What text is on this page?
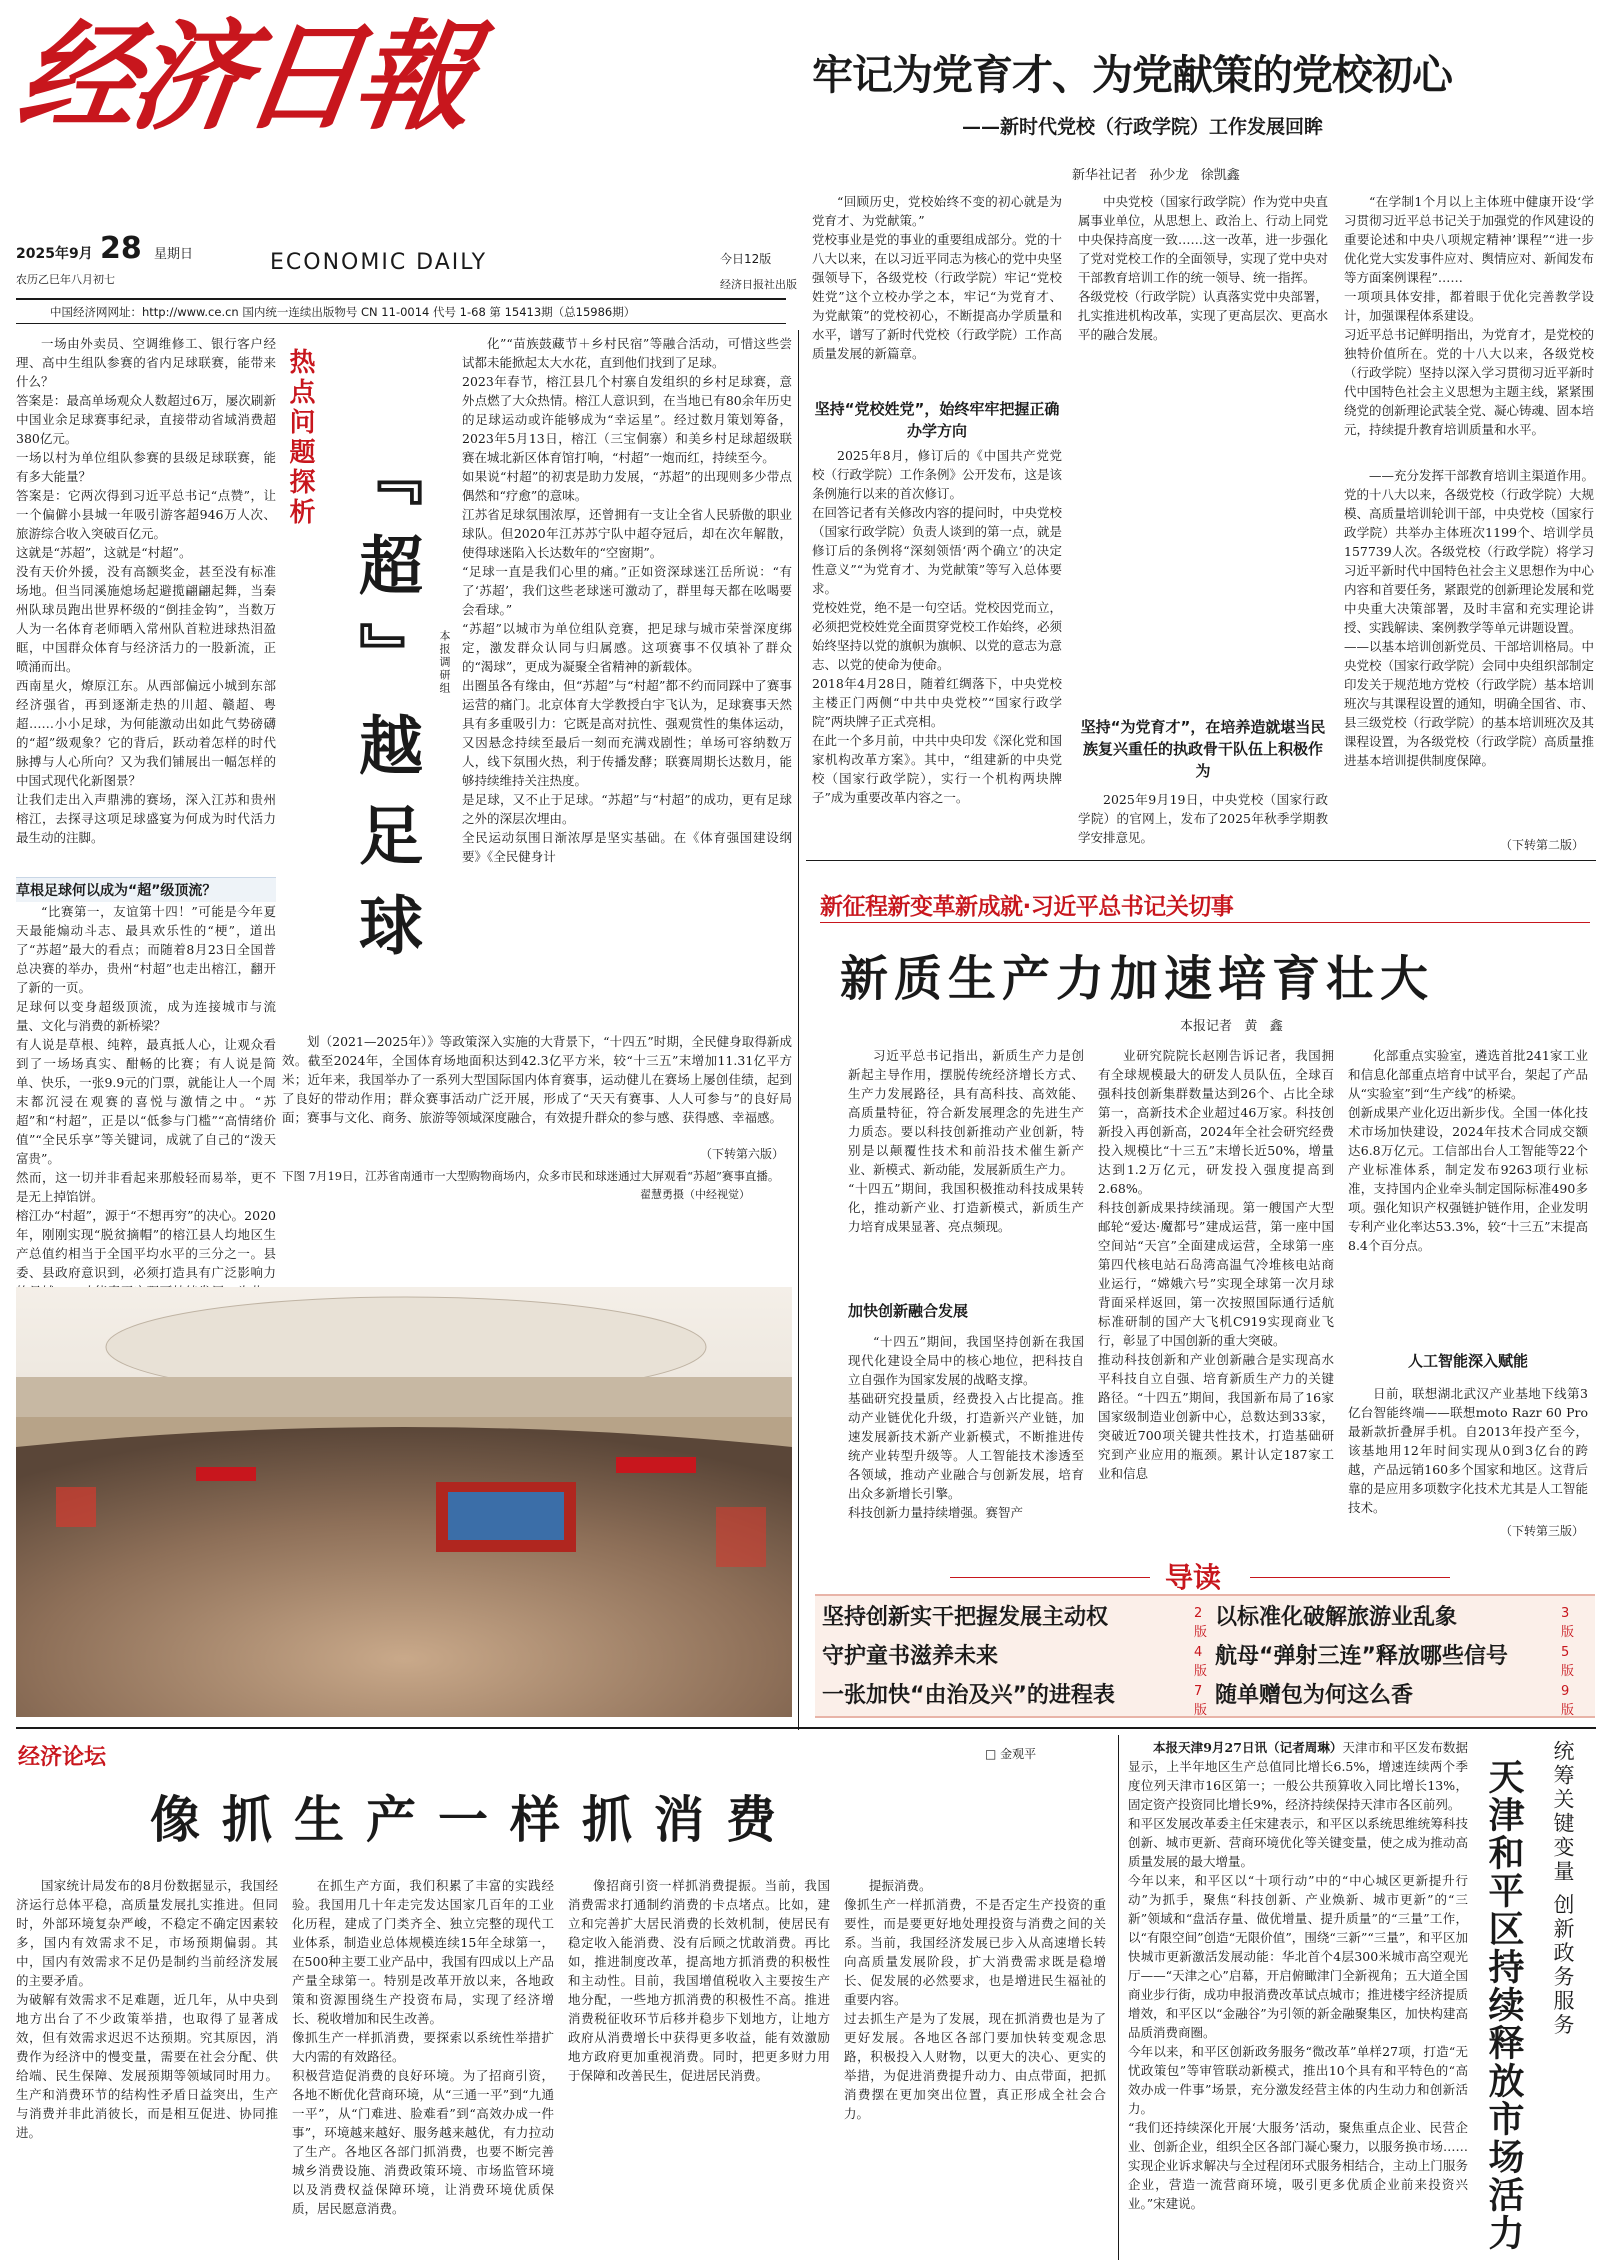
经济日報
2025年9月 28 星期日
农历乙巳年八月初七
ECONOMIC DAILY	今日12版
经济日报社出版
中国经济网网址：http://www.ce.cn 国内统一连续出版物号 CN 11-0014 代号 1-68 第 15413期（总15986期）
牢记为党育才、为党献策的党校初心
——新时代党校（行政学院）工作发展回眸
新华社记者   孙少龙   徐凯鑫
“回顾历史，党校始终不变的初心就是为党育才、为党献策。”
党校事业是党的事业的重要组成部分。党的十八大以来，在以习近平同志为核心的党中央坚强领导下，各级党校（行政学院）牢记“党校姓党”这个立校办学之本，牢记“为党育才、为党献策”的党校初心，不断提高办学质量和水平，谱写了新时代党校（行政学院）工作高质量发展的新篇章。
坚持“党校姓党”，始终牢牢把握正确办学方向
2025年8月，修订后的《中国共产党党校（行政学院）工作条例》公开发布，这是该条例施行以来的首次修订。
在回答记者有关修改内容的提问时，中央党校（国家行政学院）负责人谈到的第一点，就是修订后的条例将“深刻领悟‘两个确立’的决定性意义”“为党育才、为党献策”等写入总体要求。
党校姓党，绝不是一句空话。党校因党而立，必须把党校姓党全面贯穿党校工作始终，必须始终坚持以党的旗帜为旗帜、以党的意志为意志、以党的使命为使命。
2018年4月28日，随着红绸落下，中央党校主楼正门两侧“中共中央党校”“国家行政学院”两块牌子正式亮相。
在此一个多月前，中共中央印发《深化党和国家机构改革方案》。其中，“组建新的中央党校（国家行政学院），实行一个机构两块牌子”成为重要改革内容之一。
中央党校（国家行政学院）作为党中央直属事业单位，从思想上、政治上、行动上同党中央保持高度一致……这一改革，进一步强化了党对党校工作的全面领导，实现了党中央对干部教育培训工作的统一领导、统一指挥。
各级党校（行政学院）认真落实党中央部署，扎实推进机构改革，实现了更高层次、更高水平的融合发展。
坚持“为党育才”，在培养造就堪当民族复兴重任的执政骨干队伍上积极作为
2025年9月19日，中央党校（国家行政学院）的官网上，发布了2025年秋季学期教学安排意见。
“在学制1个月以上主体班中健康开设‘学习贯彻习近平总书记关于加强党的作风建设的重要论述和中央八项规定精神’课程”“进一步优化党大实发事件应对、舆情应对、新闻发布等方面案例课程”……
一项项具体安排，都着眼于优化完善教学设计，加强课程体系建设。
习近平总书记鲜明指出，为党育才，是党校的独特价值所在。党的十八大以来，各级党校（行政学院）坚持以深入学习贯彻习近平新时代中国特色社会主义思想为主题主线，紧紧围绕党的创新理论武装全党、凝心铸魂、固本培元，持续提升教育培训质量和水平。
——充分发挥干部教育培训主渠道作用。党的十八大以来，各级党校（行政学院）大规模、高质量培训轮训干部，中央党校（国家行政学院）共举办主体班次1199个、培训学员157739人次。各级党校（行政学院）将学习习近平新时代中国特色社会主义思想作为中心内容和首要任务，紧跟党的创新理论发展和党中央重大决策部署，及时丰富和充实理论讲授、实践解读、案例教学等单元讲题设置。
——以基本培训创新党员、干部培训格局。中央党校（国家行政学院）会同中央组织部制定印发关于规范地方党校（行政学院）基本培训班次与其课程设置的通知，明确全国省、市、县三级党校（行政学院）的基本培训班次及其课程设置，为各级党校（行政学院）高质量推进基本培训提供制度保障。
（下转第二版）
一场由外卖员、空调维修工、银行客户经理、高中生组队参赛的省内足球联赛，能带来什么？
答案是：最高单场观众人数超过6万，屡次刷新中国业余足球赛事纪录，直接带动省域消费超380亿元。
一场以村为单位组队参赛的县级足球联赛，能有多大能量？
答案是：它两次得到习近平总书记“点赞”，让一个偏僻小县城一年吸引游客超946万人次、旅游综合收入突破百亿元。
这就是“苏超”，这就是“村超”。
没有天价外援，没有高额奖金，甚至没有标准场地。但当同溪施熄场起避揽翩翩起舞，当秦州队球员跑出世界杯级的“倒挂金钩”，当数万人为一名体育老师晒入常州队首粒进球热泪盈眶，中国群众体育与经济活力的一股新流，正喷涌而出。
西南星火，燎原江东。从西部偏远小城到东部经济强省，再到逐渐走热的川超、赣超、粤超……小小足球，为何能激动出如此气势磅礴的“超”级观象？它的背后，跃动着怎样的时代脉搏与人心所向？又为我们铺展出一幅怎样的中国式现代化新图景？
让我们走出入声鼎沸的赛场，深入江苏和贵州榕江，去探寻这项足球盛宴为何成为时代活力最生动的注脚。
草根足球何以成为“超”级顶流？
“比赛第一，友谊第十四！”可能是今年夏天最能煽动斗志、最具欢乐性的“梗”，道出了“苏超”最大的看点；而随着8月23日全国普总决赛的举办，贵州“村超”也走出榕江，翻开了新的一页。
足球何以变身超级顶流，成为连接城市与流量、文化与消费的新桥梁？
有人说是草根、纯粹，最真抵人心，让观众看到了一场场真实、酣畅的比赛；有人说是简单、快乐，一张9.9元的门票，就能让人一个周末都沉浸在观赛的喜悦与激情之中。“苏超”和“村超”，正是以“低参与门槛”“高情绪价值”“全民乐享”等关键词，成就了自己的“泼天富贵”。
然而，这一切并非看起来那般轻而易举，更不是无上掉馅饼。
榕江办“村超”，源于“不想再穷”的决心。2020年，刚刚实现“脱贫摘帽”的榕江县人均地区生产总值约相当于全国平均水平的三分之一。县委、县政府意识到，必须打造具有广泛影响力
热点问题探析
『超』越足球	本报调研组
化”“苗族鼓藏节＋乡村民宿”等融合活动，可惜这些尝试都未能掀起太大水花，直到他们找到了足球。
2023年春节，榕江县几个村寨自发组织的乡村足球赛，意外点燃了大众热情。榕江人意识到，在当地已有80余年历史的足球运动或许能够成为“幸运星”。经过数月策划筹备，2023年5月13日，榕江（三宝侗寨）和美乡村足球超级联赛在城北新区体育馆打响，“村超”一炮而红，持续至今。
如果说“村超”的初衷是助力发展，“苏超”的出现则多少带点偶然和“疗愈”的意味。
江苏省足球氛围浓厚，还曾拥有一支让全省人民骄傲的职业球队。但2020年江苏苏宁队中超夺冠后，却在次年解散，使得球迷陷入长达数年的“空窗期”。
“足球一直是我们心里的痛。”正如资深球迷江岳所说：“有了‘苏超’，我们这些老球迷可激动了，群里每天都在吆喝要会看球。”
“苏超”以城市为单位组队竞赛，把足球与城市荣誉深度绑定，激发群众认同与归属感。这项赛事不仅填补了群众的“渴球”，更成为凝聚全省精神的新载体。
出圈虽各有缘由，但“苏超”与“村超”都不约而同踩中了赛事运营的痛门。北京体育大学教授白宇飞认为，足球赛事天然具有多重吸引力：它既是高对抗性、强观赏性的集体运动，又因悬念持续至最后一刻而充满戏剧性；单场可容纳数万人，线下氛围火热，利于传播发酵；联赛周期长达数月，能够持续维持关注热度。
是足球，又不止于足球。“苏超”与“村超”的成功，更有足球之外的深层次埋由。
全民运动氛围日渐浓厚是坚实基础。在《体育强国建设纲要》《全民健身计
划（2021—2025年）》等政策深入实施的大背景下，“十四五”时期，全民健身取得新成效。截至2024年，全国体育场地面积达到42.3亿平方米，较“十三五”末增加11.31亿平方米；近年来，我国举办了一系列大型国际国内体育赛事，运动健儿在赛场上屡创佳绩，起到了良好的带动作用；群众赛事活动广泛开展，形成了“天天有赛事、人人可参与”的良好局面；赛事与文化、商务、旅游等领域深度融合，有效提升群众的参与感、获得感、幸福感。
（下转第六版）
下图 7月19日，江苏省南通市一大型购物商场内，众多市民和球迷通过大屏观看“苏超”赛事直播。
翟慧勇摄（中经视觉）
新征程新变革新成就·习近平总书记关切事
新质生产力加速培育壮大
本报记者   黄   鑫
习近平总书记指出，新质生产力是创新起主导作用，摆脱传统经济增长方式、生产力发展路径，具有高科技、高效能、高质量特征，符合新发展理念的先进生产力质态。要以科技创新推动产业创新，特别是以颠覆性技术和前沿技术催生新产业、新模式、新动能，发展新质生产力。
“十四五”期间，我国积极推动科技成果转化，推动新产业、打造新模式，新质生产力培育成果显著、亮点频现。
加快创新融合发展
“十四五”期间，我国坚持创新在我国现代化建设全局中的核心地位，把科技自立自强作为国家发展的战略支撑。
基础研究投量质，经费投入占比提高。推动产业链优化升级，打造新兴产业链，加速发展新技术新产业新模式，不断推进传统产业转型升级等。人工智能技术渗透至各领域，推动产业融合与创新发展，培育出众多新增长引擎。
科技创新力量持续增强。赛智产
业研究院院长赵刚告诉记者，我国拥有全球规模最大的研发人员队伍，全球百强科技创新集群数量达到26个、占比全球第一，高新技术企业超过46万家。科技创新投入再创新高，2024年全社会研究经费投入规模比“十三五”末增长近50%，增量达到1.2万亿元，研发投入强度提高到2.68%。
科技创新成果持续涌现。第一艘国产大型邮轮“爱达·魔都号”建成运营，第一座中国空间站“天宫”全面建成运营，全球第一座第四代核电站石岛湾高温气冷堆核电站商业运行，“嫦娥六号”实现全球第一次月球背面采样返回，第一次按照国际通行适航标准研制的国产大飞机C919实现商业飞行，彰显了中国创新的重大突破。
推动科技创新和产业创新融合是实现高水平科技自立自强、培育新质生产力的关键路径。“十四五”期间，我国新布局了16家国家级制造业创新中心，总数达到33家，突破近700项关键共性技术，打造基础研究到产业应用的瓶颈。累计认定187家工业和信息
化部重点实验室，遴选首批241家工业和信息化部重点培育中试平台，架起了产品从“实验室”到“生产线”的桥梁。
创新成果产业化迈出新步伐。全国一体化技术市场加快建设，2024年技术合同成交额达6.8万亿元。工信部出台人工智能等22个产业标准体系，制定发布9263项行业标准，支持国内企业牵头制定国际标准490多项。强化知识产权强链护链作用，企业发明专利产业化率达53.3%，较“十三五”末提高8.4个百分点。
人工智能深入赋能
日前，联想湖北武汉产业基地下线第3亿台智能终端——联想moto Razr 60 Pro最新款折叠屏手机。自2013年投产至今，该基地用12年时间实现从0到3亿台的跨越，产品远销160多个国家和地区。这背后靠的是应用多项数字化技术尤其是人工智能技术。
（下转第三版）
导读
坚持创新实干把握发展主动权	2版
以标准化破解旅游业乱象	3版
守护童书滋养未来	4版
航母“弹射三连”释放哪些信号	5版
一张加快“由治及兴”的进程表	7版
随单赠包为何这么香	9版
经济论坛	□ 金观平
像抓生产一样抓消费
国家统计局发布的8月份数据显示，我国经济运行总体平稳，高质量发展扎实推进。但同时，外部环境复杂严峻，不稳定不确定因素较多，国内有效需求不足，市场预期偏弱。其中，国内有效需求不足仍是制约当前经济发展的主要矛盾。
为破解有效需求不足难题，近几年，从中央到地方出台了不少政策举措，也取得了显著成效，但有效需求迟迟不达预期。究其原因，消费作为经济中的慢变量，需要在社会分配、供给端、民生保障、发展预期等领域同时用力。生产和消费环节的结构性矛盾日益突出，生产与消费并非此消彼长，而是相互促进、协同推进。
在抓生产方面，我们积累了丰富的实践经验。我国用几十年走完发达国家几百年的工业化历程，建成了门类齐全、独立完整的现代工业体系，制造业总体规模连续15年全球第一，在500种主要工业产品中，我国有四成以上产品产量全球第一。特别是改革开放以来，各地政策和资源围绕生产投资布局，实现了经济增长、税收增加和民生改善。
像抓生产一样抓消费，要探索以系统性举措扩大内需的有效路径。
积极营造促消费的良好环境。为了招商引资，各地不断优化营商环境，从“三通一平”到“九通一平”，从“门难进、脸难看”到“高效办成一件事”，环境越来越好、服务越来越优，有力拉动了生产。各地区各部门抓消费，也要不断完善城乡消费设施、消费政策环境、市场监管环境以及消费权益保障环境，让消费环境优质保质，居民愿意消费。
像招商引资一样抓消费提振。当前，我国消费需求打通制约消费的卡点堵点。比如，建立和完善扩大居民消费的长效机制，使居民有稳定收入能消费、没有后顾之忧敢消费。再比如，推进制度改革，提高地方抓消费的积极性和主动性。目前，我国增值税收入主要按生产地分配，一些地方抓消费的积极性不高。推进消费税征收环节后移并稳步下划地方，让地方政府从消费增长中获得更多收益，能有效激励地方政府更加重视消费。同时，把更多财力用于保障和改善民生，促进居民消费。
提振消费。
像抓生产一样抓消费，不是否定生产投资的重要性，而是要更好地处理投资与消费之间的关系。当前，我国经济发展已步入从高速增长转向高质量发展阶段，扩大消费需求既是稳增长、促发展的必然要求，也是增进民生福祉的重要内容。
过去抓生产是为了发展，现在抓消费也是为了更好发展。各地区各部门要加快转变观念思路，积极投入人财物，以更大的决心、更实的举措，为促进消费提升动力、由点带面，把抓消费摆在更加突出位置，真正形成全社会合力。
统筹关键变量 创新政务服务
天津和平区持续释放市场活力
本报天津9月27日讯（记者周琳）天津市和平区发布数据显示，上半年地区生产总值同比增长6.5%，增速连续两个季度位列天津市16区第一；一般公共预算收入同比增长13%，固定资产投资同比增长9%，经济持续保持天津市各区前列。
和平区发展改革委主任宋建表示，和平区以系统思维统筹科技创新、城市更新、营商环境优化等关键变量，使之成为推动高质量发展的最大增量。
今年以来，和平区以“十项行动”中的“中心城区更新提升行动”为抓手，聚焦“科技创新、产业焕新、城市更新”的“三新”领域和“盘活存量、做优增量、提升质量”的“三量”工作，以“有限空间”创造“无限价值”，围绕“三新”“三量”，和平区加快城市更新激活发展动能：华北首个4层300米城市高空观光厅——“天津之心”启幕，开启俯瞰津门全新视角；五大道全国商业步行街，成功申报消费改革试点城市；推进楼宇经济提质增效，和平区以“金融谷”为引领的新金融聚集区，加快构建高品质消费商圈。
今年以来，和平区创新政务服务“微改革”单样27项，打造“无忧政策包”等审管联动新模式，推出10个具有和平特色的“高效办成一件事”场景，充分激发经营主体的内生动力和创新活力。
“我们还持续深化开展‘大服务’活动，聚焦重点企业、民营企业、创新企业，组织全区各部门凝心聚力，以服务换市场……实现企业诉求解决与全过程闭环式服务相结合，主动上门服务企业，营造一流营商环境，吸引更多优质企业前来投资兴业。”宋建说。
